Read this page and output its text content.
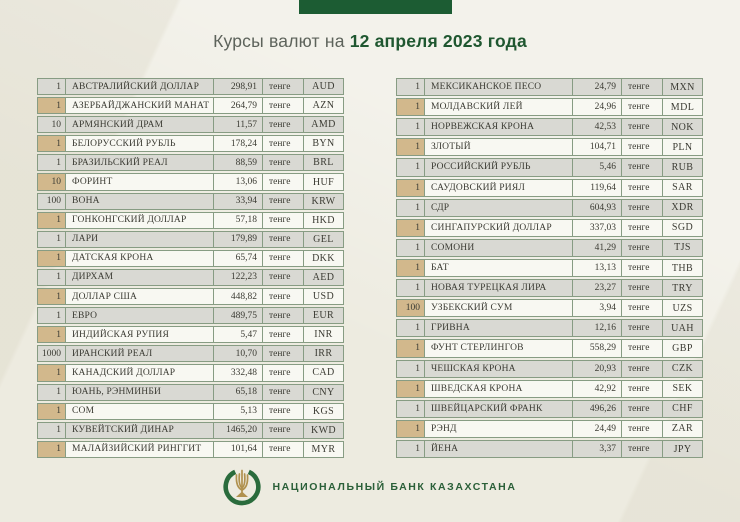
Курсы валют на 12 апреля 2023 года
1	АВСТРАЛИЙСКИЙ ДОЛЛАР	298,91	тенге	AUD
1	АЗЕРБАЙДЖАНСКИЙ МАНАТ	264,79	тенге	AZN
10	АРМЯНСКИЙ ДРАМ	11,57	тенге	AMD
1	БЕЛОРУССКИЙ РУБЛЬ	178,24	тенге	BYN
1	БРАЗИЛЬСКИЙ РЕАЛ	88,59	тенге	BRL
10	ФОРИНТ	13,06	тенге	HUF
100	ВОНА	33,94	тенге	KRW
1	ГОНКОНГСКИЙ ДОЛЛАР	57,18	тенге	HKD
1	ЛАРИ	179,89	тенге	GEL
1	ДАТСКАЯ КРОНА	65,74	тенге	DKK
1	ДИРХАМ	122,23	тенге	AED
1	ДОЛЛАР США	448,82	тенге	USD
1	ЕВРО	489,75	тенге	EUR
1	ИНДИЙСКАЯ РУПИЯ	5,47	тенге	INR
1000	ИРАНСКИЙ РЕАЛ	10,70	тенге	IRR
1	КАНАДСКИЙ ДОЛЛАР	332,48	тенге	CAD
1	ЮАНЬ, РЭНМИНБИ	65,18	тенге	CNY
1	СОМ	5,13	тенге	KGS
1	КУВЕЙТСКИЙ ДИНАР	1465,20	тенге	KWD
1	МАЛАЙЗИЙСКИЙ РИНГГИТ	101,64	тенге	MYR
1	МЕКСИКАНСКОЕ ПЕСО	24,79	тенге	MXN
1	МОЛДАВСКИЙ ЛЕЙ	24,96	тенге	MDL
1	НОРВЕЖСКАЯ КРОНА	42,53	тенге	NOK
1	ЗЛОТЫЙ	104,71	тенге	PLN
1	РОССИЙСКИЙ РУБЛЬ	5,46	тенге	RUB
1	САУДОВСКИЙ РИЯЛ	119,64	тенге	SAR
1	СДР	604,93	тенге	XDR
1	СИНГАПУРСКИЙ ДОЛЛАР	337,03	тенге	SGD
1	СОМОНИ	41,29	тенге	TJS
1	БАТ	13,13	тенге	THB
1	НОВАЯ ТУРЕЦКАЯ ЛИРА	23,27	тенге	TRY
100	УЗБЕКСКИЙ СУМ	3,94	тенге	UZS
1	ГРИВНА	12,16	тенге	UAH
1	ФУНТ СТЕРЛИНГОВ	558,29	тенге	GBP
1	ЧЕШСКАЯ КРОНА	20,93	тенге	CZK
1	ШВЕДСКАЯ КРОНА	42,92	тенге	SEK
1	ШВЕЙЦАРСКИЙ ФРАНК	496,26	тенге	CHF
1	РЭНД	24,49	тенге	ZAR
1	ЙЕНА	3,37	тенге	JPY
НАЦИОНАЛЬНЫЙ БАНК КАЗАХСТАНА
